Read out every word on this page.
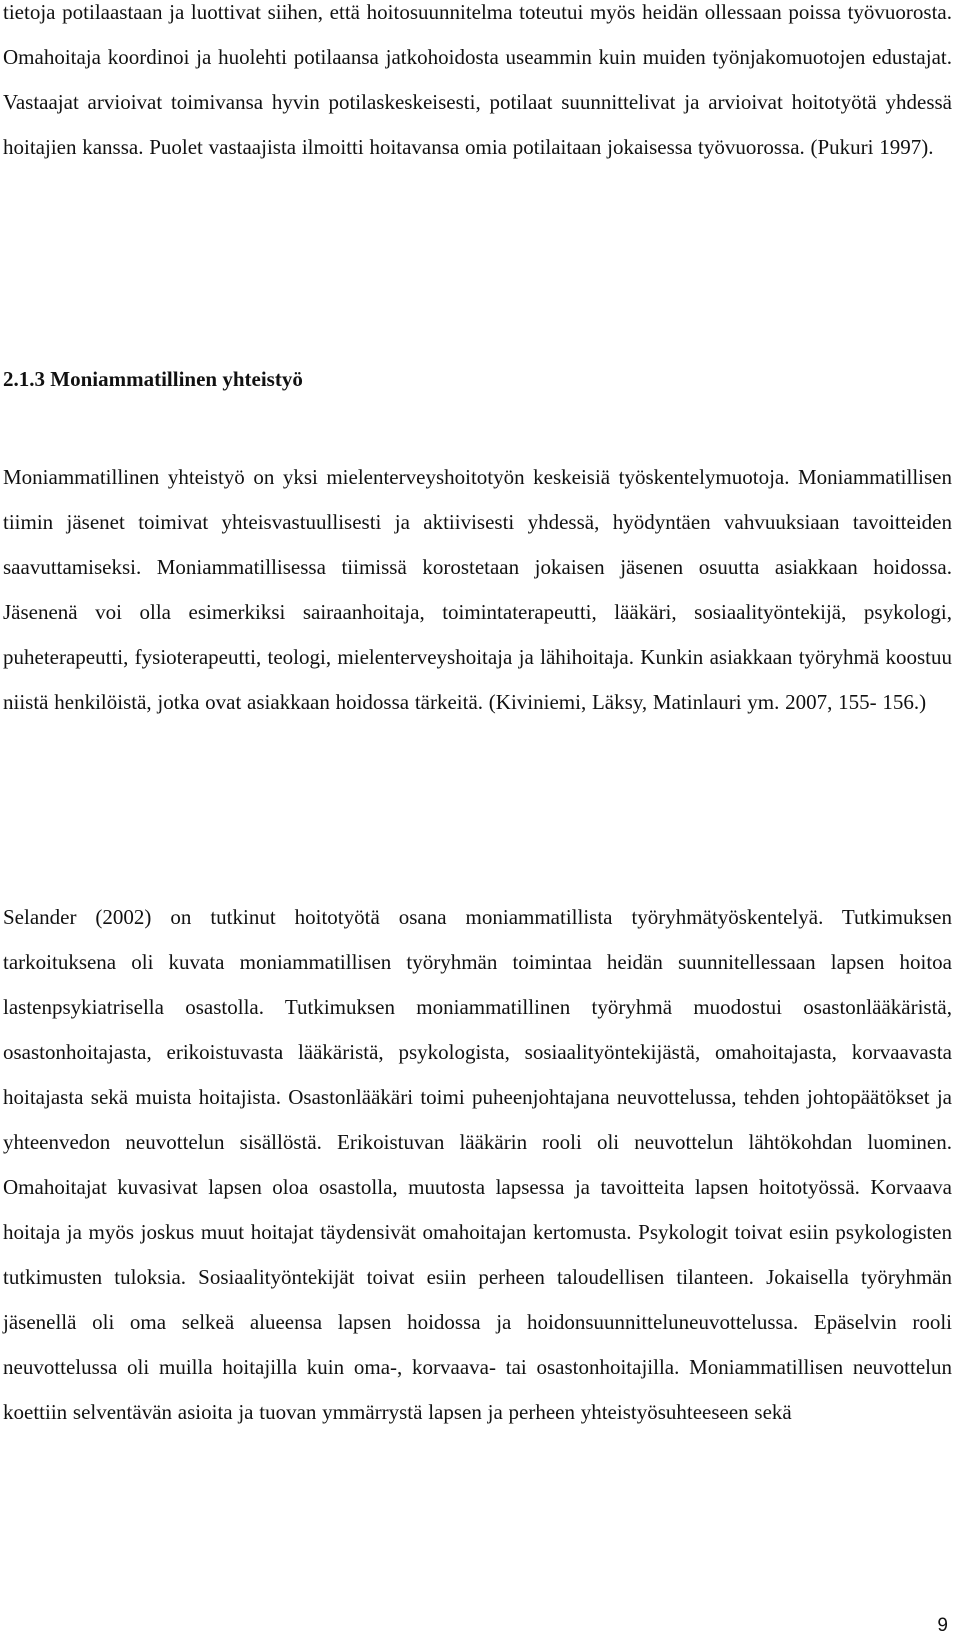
tietoja potilaastaan ja luottivat siihen, että hoitosuunnitelma toteutui myös heidän ollessaan poissa työvuorosta. Omahoitaja koordinoi ja huolehti potilaansa jatkohoidosta useammin kuin muiden työnjakomuotojen edustajat. Vastaajat arvioivat toimivansa hyvin potilaskeskeisesti, potilaat suunnittelivat ja arvioivat hoitotyötä yhdessä hoitajien kanssa. Puolet vastaajista ilmoitti hoitavansa omia potilaitaan jokaisessa työvuorossa. (Pukuri 1997).

2.1.3 Moniammatillinen yhteistyö

Moniammatillinen yhteistyö on yksi mielenterveyshoitotyön keskeisiä työskentelymuotoja. Moniammatillisen tiimin jäsenet toimivat yhteisvastuullisesti ja aktiivisesti yhdessä, hyödyntäen vahvuuksiaan tavoitteiden saavuttamiseksi. Moniammatillisessa tiimissä korostetaan jokaisen jäsenen osuutta asiakkaan hoidossa. Jäsenenä voi olla esimerkiksi sairaanhoitaja, toimintaterapeutti, lääkäri, sosiaalityöntekijä, psykologi, puheterapeutti, fysioterapeutti, teologi, mielenterveyshoitaja ja lähihoitaja. Kunkin asiakkaan työryhmä koostuu niistä henkilöistä, jotka ovat asiakkaan hoidossa tärkeitä. (Kiviniemi, Läksy, Matinlauri ym. 2007, 155- 156.)

Selander (2002) on tutkinut hoitotyötä osana moniammatillista työryhmätyöskentelyä. Tutkimuksen tarkoituksena oli kuvata moniammatillisen työryhmän toimintaa heidän suunnitellessaan lapsen hoitoa lastenpsykiatrisella osastolla. Tutkimuksen moniammatillinen työryhmä muodostui osastonlääkäristä, osastonhoitajasta, erikoistuvasta lääkäristä, psykologista, sosiaalityöntekijästä, omahoitajasta, korvaavasta hoitajasta sekä muista hoitajista. Osastonlääkäri toimi puheenjohtajana neuvottelussa, tehden johtopäätökset ja yhteenvedon neuvottelun sisällöstä. Erikoistuvan lääkärin rooli oli neuvottelun lähtökohdan luominen. Omahoitajat kuvasivat lapsen oloa osastolla, muutosta lapsessa ja tavoitteita lapsen hoitotyössä. Korvaava hoitaja ja myös joskus muut hoitajat täydensivät omahoitajan kertomusta. Psykologit toivat esiin psykologisten tutkimusten tuloksia. Sosiaalityöntekijät toivat esiin perheen taloudellisen tilanteen. Jokaisella työryhmän jäsenellä oli oma selkeä alueensa lapsen hoidossa ja hoidonsuunnitteluneuvottelussa. Epäselvin rooli neuvottelussa oli muilla hoitajilla kuin oma-, korvaava- tai osastonhoitajilla. Moniammatillisen neuvottelun koettiin selventävän asioita ja tuovan ymmärrystä lapsen ja perheen yhteistyösuhteeseen sekä

9
